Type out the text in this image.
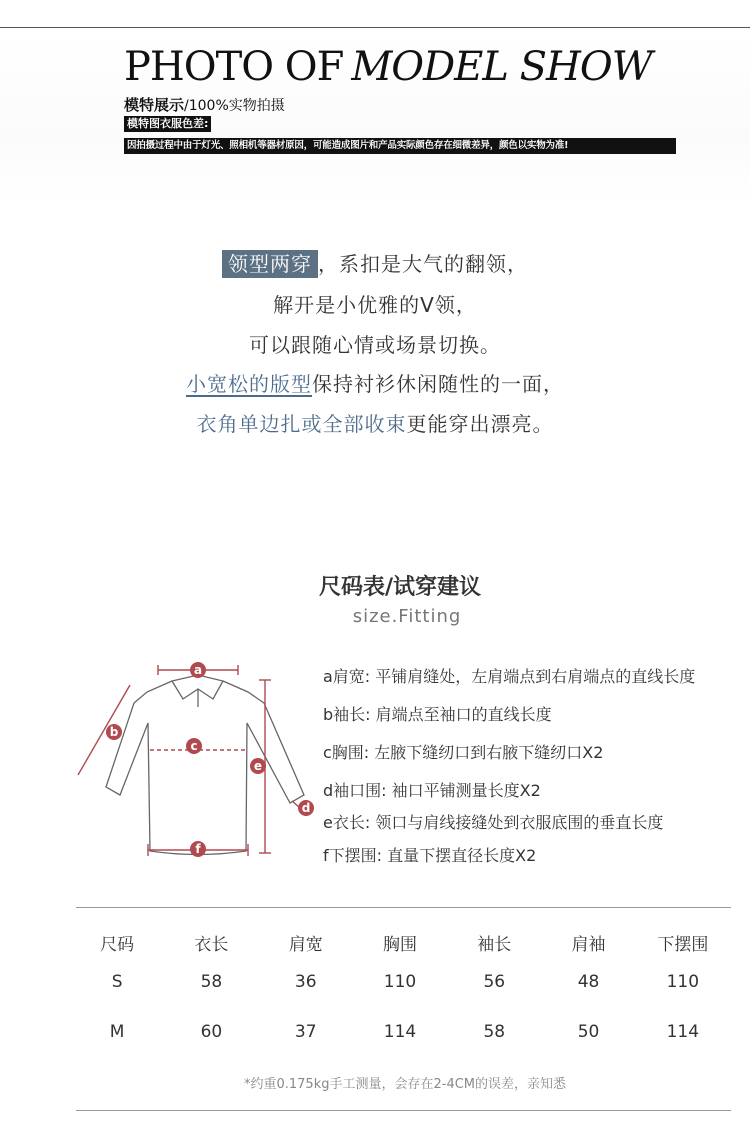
PHOTO OF MODEL SHOW
模特展示/100%实物拍摄
模特图衣服色差:
因拍摄过程中由于灯光、照相机等器材原因，可能造成图片和产品实际颜色存在细微差异，颜色以实物为准!
领型两穿 ，系扣是大气的翻领，
解开是小优雅的V领，
可以跟随心情或场景切换。
小宽松的版型保持衬衫休闲随性的一面，
衣角单边扎或全部收束更能穿出漂亮。
尺码表/试穿建议
size.Fitting
a
b
c
d
e
f
a肩宽: 平铺肩缝处，左肩端点到右肩端点的直线长度
b袖长: 肩端点至袖口的直线长度
c胸围: 左腋下缝纫口到右腋下缝纫口X2
d袖口围: 袖口平铺测量长度X2
e衣长: 领口与肩线接缝处到衣服底围的垂直长度
f下摆围: 直量下摆直径长度X2
尺码	衣长	肩宽	胸围	袖长	肩袖	下摆围
S	58	36	110	56	48	110
M	60	37	114	58	50	114
*约重0.175kg手工测量，会存在2-4CM的误差，亲知悉
